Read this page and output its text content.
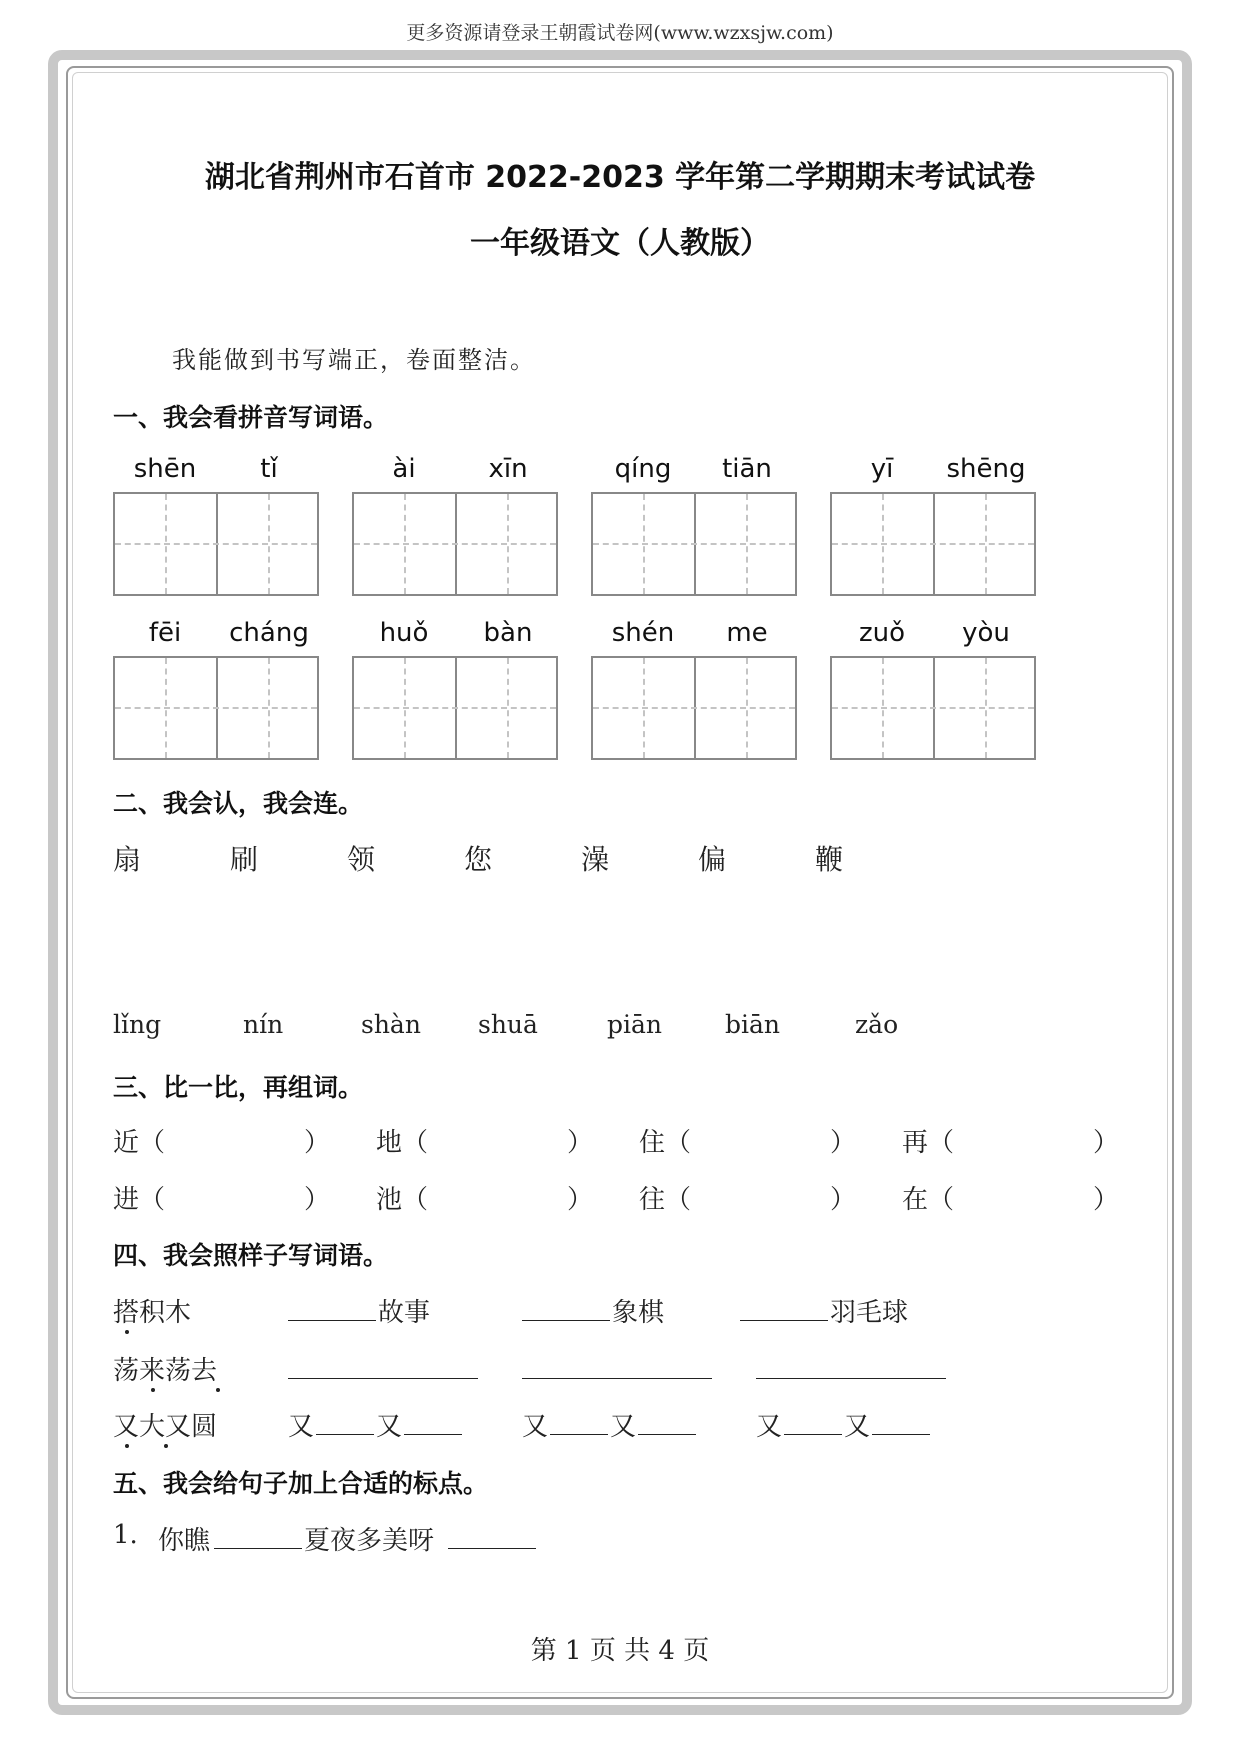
更多资源请登录王朝霞试卷网(www.wzxsjw.com)
湖北省荆州市石首市 2022-2023 学年第二学期期末考试试卷
一年级语文（人教版）
我能做到书写端正，卷面整洁。
一、我会看拼音写词语。
shēn	tǐ	ài	xīn	qíng	tiān	yī	shēng
fēi	cháng	huǒ	bàn	shén	me	zuǒ	yòu
二、我会认，我会连。
扇	刷	领	您	澡	偏	鞭
lǐng	nín	shàn shuā	piān	biān	zǎo
三、比一比，再组词。
近（	） 地（	） 住（	） 再（	）
进（	） 池（	） 往（	） 在（	）
四、我会照样子写词语。
搭积木	故事	象棋	羽毛球
荡来荡去
又大又圆	又 又	又 又	又 又
五、我会给句子加上合适的标点。
1. 你瞧	夏夜多美呀
第 1 页 共 4 页
